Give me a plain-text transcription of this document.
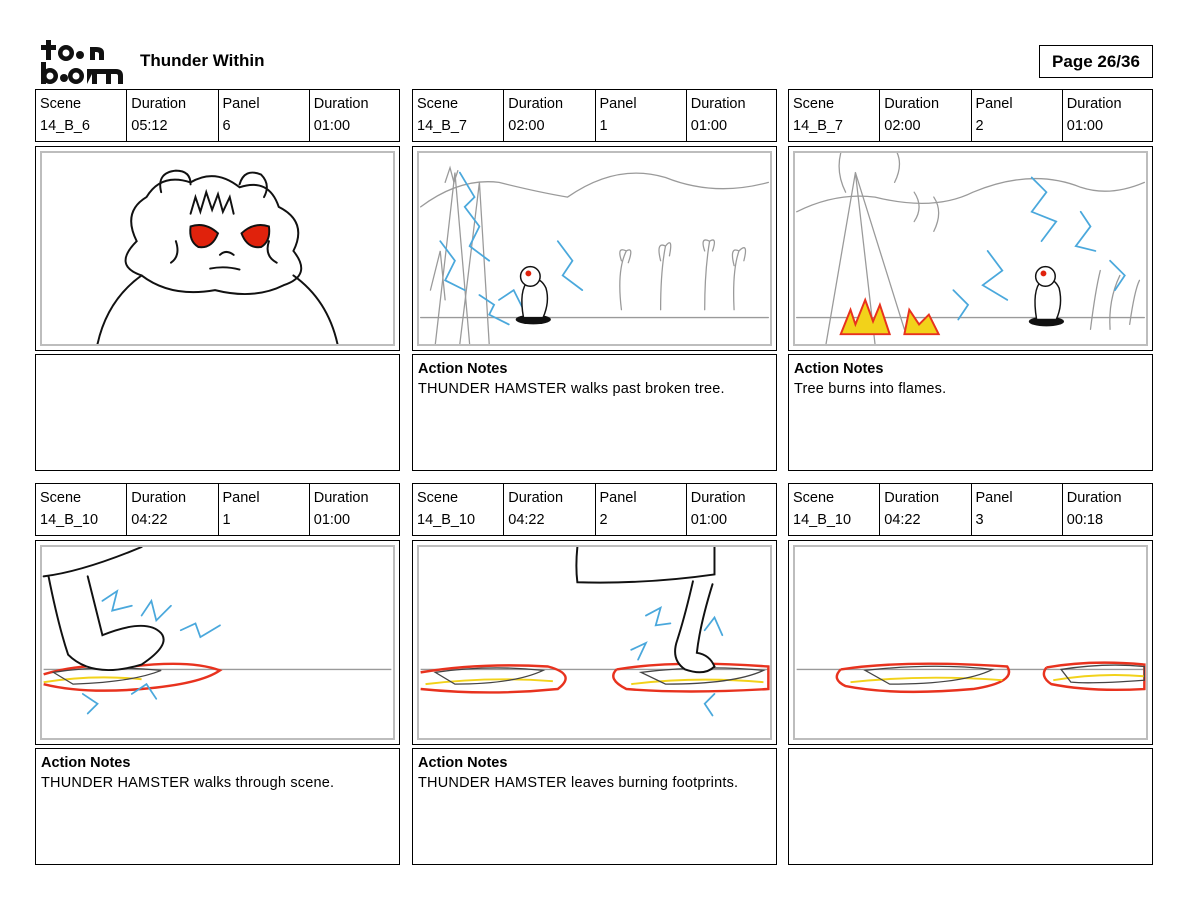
Thunder Within	Page 26/36
Scene
14_B_6
Duration
05:12
Panel
6
Duration
01:00
Scene
14_B_7
Duration
02:00
Panel
1
Duration
01:00
Action Notes
THUNDER HAMSTER walks past broken tree.
Scene
14_B_7
Duration
02:00
Panel
2
Duration
01:00
Action Notes
Tree burns into flames.
Scene
14_B_10
Duration
04:22
Panel
1
Duration
01:00
Action Notes
THUNDER HAMSTER walks through scene.
Scene
14_B_10
Duration
04:22
Panel
2
Duration
01:00
Action Notes
THUNDER HAMSTER leaves burning footprints.
Scene
14_B_10
Duration
04:22
Panel
3
Duration
00:18
